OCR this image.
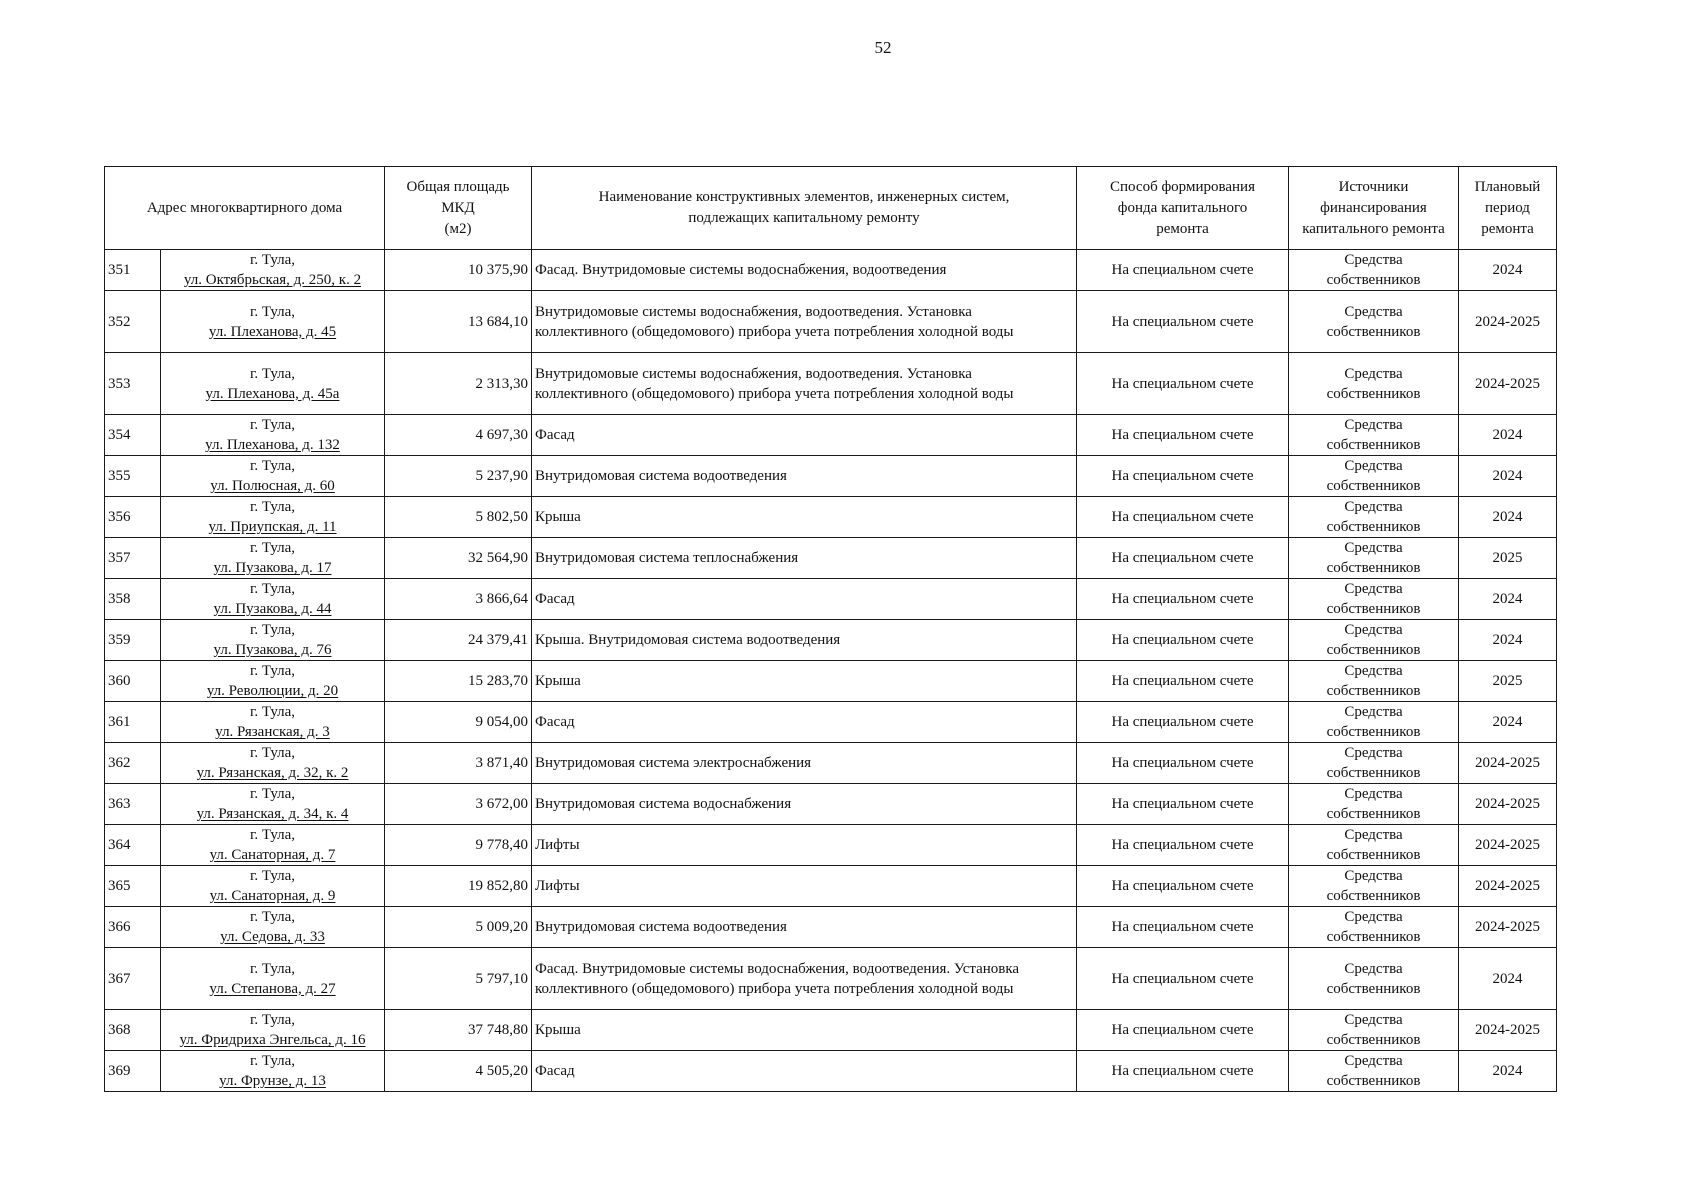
52
Адрес многоквартирного дома		Общая площадь
МКД
(м2)	Наименование конструктивных элементов, инженерных систем,
подлежащих капитальному ремонту	Способ формирования
фонда капитального
ремонта	Источники
финансирования
капитального ремонта	Плановый
период
ремонта

351	г. Тула,
ул. Октябрьская, д. 250, к. 2	10 375,90	Фасад. Внутридомовые системы водоснабжения, водоотведения	На специальном счете	Средства
собственников	2024
352	г. Тула,
ул. Плеханова, д. 45	13 684,10	Внутридомовые системы водоснабжения, водоотведения. Установка
коллективного (общедомового) прибора учета потребления холодной воды	На специальном счете	Средства
собственников	2024-2025
353	г. Тула,
ул. Плеханова, д. 45а	2 313,30	Внутридомовые системы водоснабжения, водоотведения. Установка
коллективного (общедомового) прибора учета потребления холодной воды	На специальном счете	Средства
собственников	2024-2025
354	г. Тула,
ул. Плеханова, д. 132	4 697,30	Фасад	На специальном счете	Средства
собственников	2024
355	г. Тула,
ул. Полюсная, д. 60	5 237,90	Внутридомовая система водоотведения	На специальном счете	Средства
собственников	2024
356	г. Тула,
ул. Приупская, д. 11	5 802,50	Крыша	На специальном счете	Средства
собственников	2024
357	г. Тула,
ул. Пузакова, д. 17	32 564,90	Внутридомовая система теплоснабжения	На специальном счете	Средства
собственников	2025
358	г. Тула,
ул. Пузакова, д. 44	3 866,64	Фасад	На специальном счете	Средства
собственников	2024
359	г. Тула,
ул. Пузакова, д. 76	24 379,41	Крыша. Внутридомовая система водоотведения	На специальном счете	Средства
собственников	2024
360	г. Тула,
ул. Революции, д. 20	15 283,70	Крыша	На специальном счете	Средства
собственников	2025
361	г. Тула,
ул. Рязанская, д. 3	9 054,00	Фасад	На специальном счете	Средства
собственников	2024
362	г. Тула,
ул. Рязанская, д. 32, к. 2	3 871,40	Внутридомовая система электроснабжения	На специальном счете	Средства
собственников	2024-2025
363	г. Тула,
ул. Рязанская, д. 34, к. 4	3 672,00	Внутридомовая система водоснабжения	На специальном счете	Средства
собственников	2024-2025
364	г. Тула,
ул. Санаторная, д. 7	9 778,40	Лифты	На специальном счете	Средства
собственников	2024-2025
365	г. Тула,
ул. Санаторная, д. 9	19 852,80	Лифты	На специальном счете	Средства
собственников	2024-2025
366	г. Тула,
ул. Седова, д. 33	5 009,20	Внутридомовая система водоотведения	На специальном счете	Средства
собственников	2024-2025
367	г. Тула,
ул. Степанова, д. 27	5 797,10	Фасад. Внутридомовые системы водоснабжения, водоотведения. Установка
коллективного (общедомового) прибора учета потребления холодной воды	На специальном счете	Средства
собственников	2024
368	г. Тула,
ул. Фридриха Энгельса, д. 16	37 748,80	Крыша	На специальном счете	Средства
собственников	2024-2025
369	г. Тула,
ул. Фрунзе, д. 13	4 505,20	Фасад	На специальном счете	Средства
собственников	2024
